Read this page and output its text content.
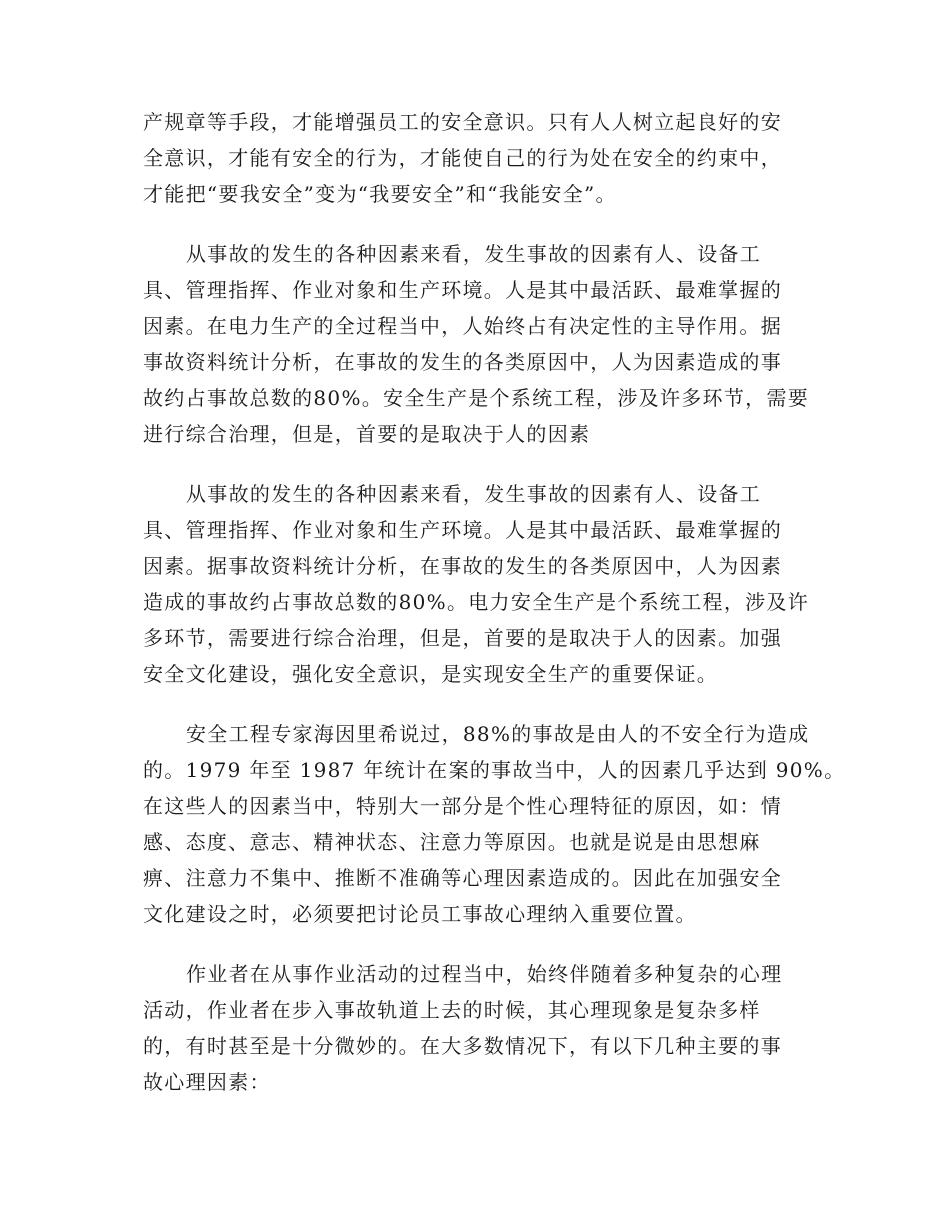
产规章等手段，才能增强员工的安全意识。只有人人树立起良好的安
全意识，才能有安全的行为，才能使自己的行为处在安全的约束中，
才能把“要我安全”变为“我要安全”和“我能安全”。

从事故的发生的各种因素来看，发生事故的因素有人、设备工
具、管理指挥、作业对象和生产环境。人是其中最活跃、最难掌握的
因素。在电力生产的全过程当中，人始终占有决定性的主导作用。据
事故资料统计分析，在事故的发生的各类原因中，人为因素造成的事
故约占事故总数的80%。安全生产是个系统工程，涉及许多环节，需要
进行综合治理，但是，首要的是取决于人的因素

从事故的发生的各种因素来看，发生事故的因素有人、设备工
具、管理指挥、作业对象和生产环境。人是其中最活跃、最难掌握的
因素。据事故资料统计分析，在事故的发生的各类原因中，人为因素
造成的事故约占事故总数的80%。电力安全生产是个系统工程，涉及许
多环节，需要进行综合治理，但是，首要的是取决于人的因素。加强
安全文化建设，强化安全意识，是实现安全生产的重要保证。

安全工程专家海因里希说过，88%的事故是由人的不安全行为造成
的。1979 年至 1987 年统计在案的事故当中，人的因素几乎达到 90%。
在这些人的因素当中，特别大一部分是个性心理特征的原因，如：情
感、态度、意志、精神状态、注意力等原因。也就是说是由思想麻
痹、注意力不集中、推断不准确等心理因素造成的。因此在加强安全
文化建设之时，必须要把讨论员工事故心理纳入重要位置。

作业者在从事作业活动的过程当中，始终伴随着多种复杂的心理
活动，作业者在步入事故轨道上去的时候，其心理现象是复杂多样
的，有时甚至是十分微妙的。在大多数情况下，有以下几种主要的事
故心理因素：
